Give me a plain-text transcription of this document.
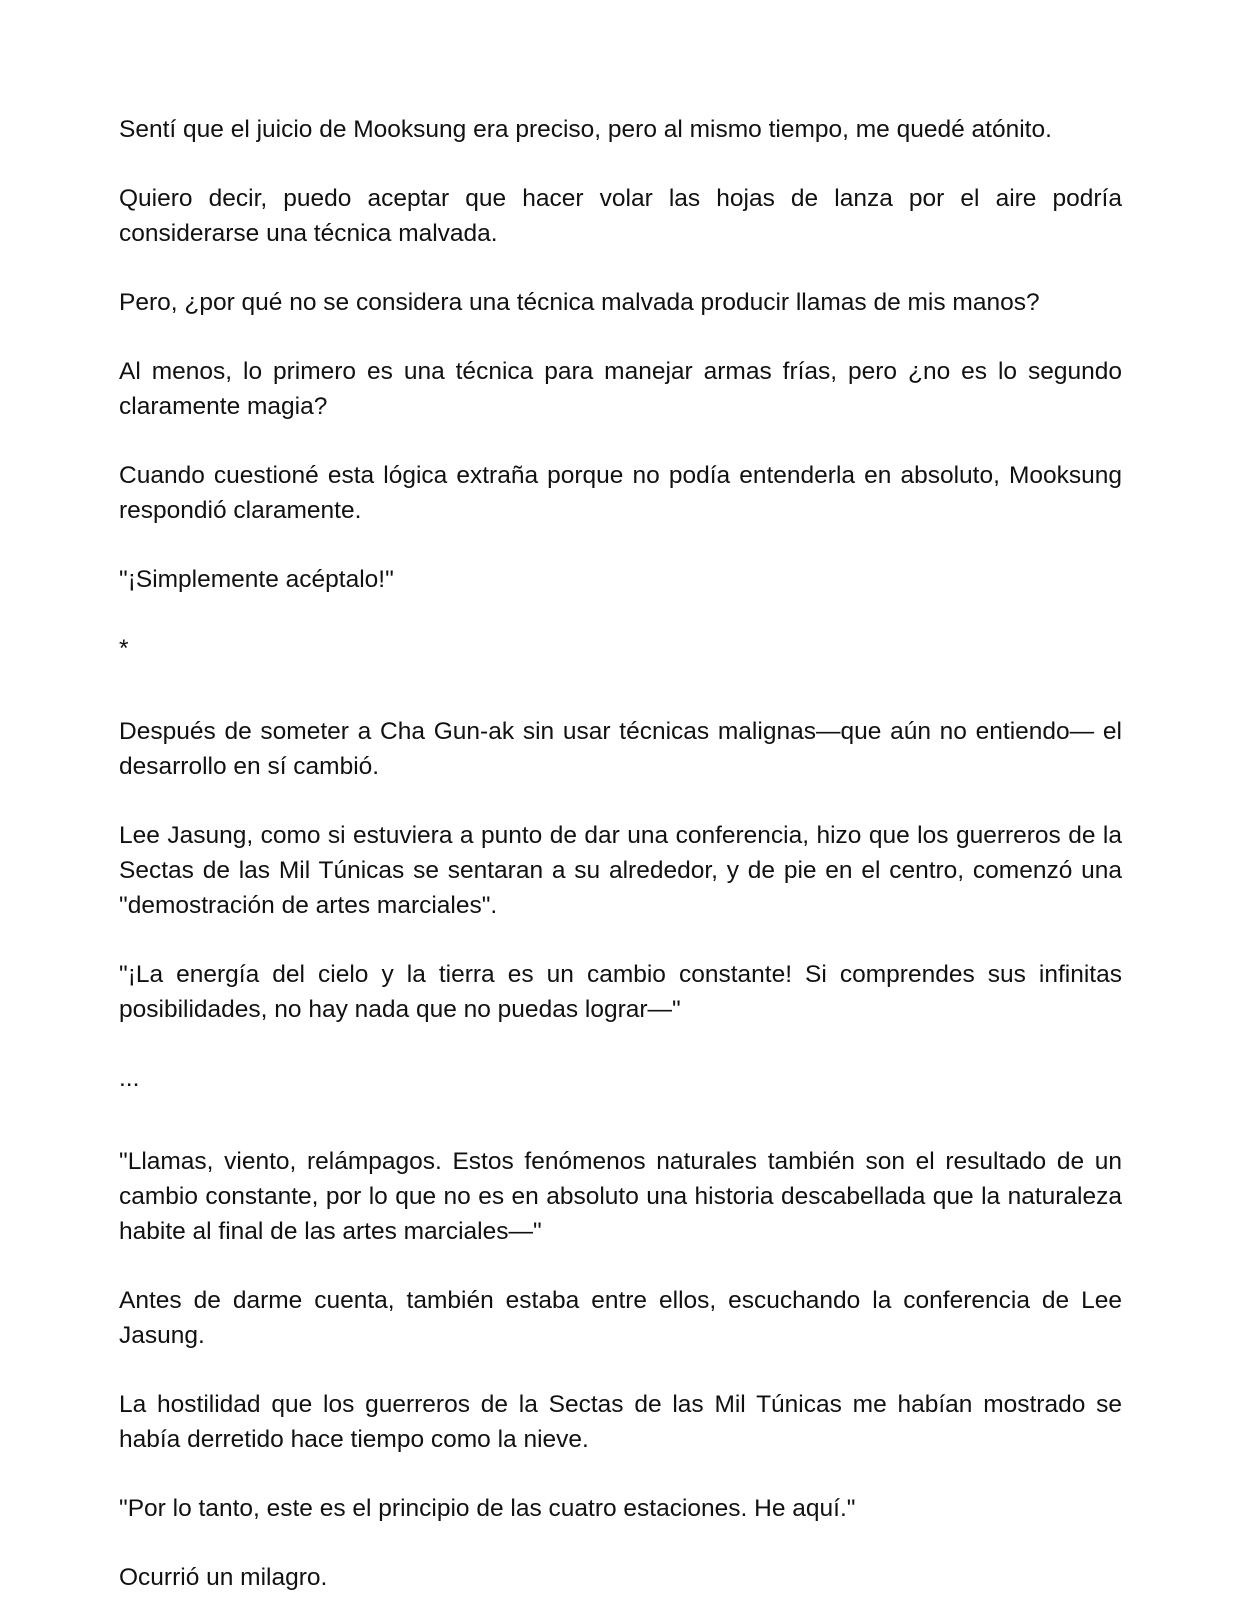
Sentí que el juicio de Mooksung era preciso, pero al mismo tiempo, me quedé atónito.

Quiero decir, puedo aceptar que hacer volar las hojas de lanza por el aire podría considerarse una técnica malvada.

Pero, ¿por qué no se considera una técnica malvada producir llamas de mis manos?

Al menos, lo primero es una técnica para manejar armas frías, pero ¿no es lo segundo claramente magia?

Cuando cuestioné esta lógica extraña porque no podía entenderla en absoluto, Mooksung respondió claramente.

"¡Simplemente acéptalo!"

*

Después de someter a Cha Gun-ak sin usar técnicas malignas—que aún no entiendo— el desarrollo en sí cambió.

Lee Jasung, como si estuviera a punto de dar una conferencia, hizo que los guerreros de la Sectas de las Mil Túnicas se sentaran a su alrededor, y de pie en el centro, comenzó una "demostración de artes marciales".

"¡La energía del cielo y la tierra es un cambio constante! Si comprendes sus infinitas posibilidades, no hay nada que no puedas lograr—"

...

"Llamas, viento, relámpagos. Estos fenómenos naturales también son el resultado de un cambio constante, por lo que no es en absoluto una historia descabellada que la naturaleza habite al final de las artes marciales—"

Antes de darme cuenta, también estaba entre ellos, escuchando la conferencia de Lee Jasung.

La hostilidad que los guerreros de la Sectas de las Mil Túnicas me habían mostrado se había derretido hace tiempo como la nieve.

"Por lo tanto, este es el principio de las cuatro estaciones. He aquí."

Ocurrió un milagro.
